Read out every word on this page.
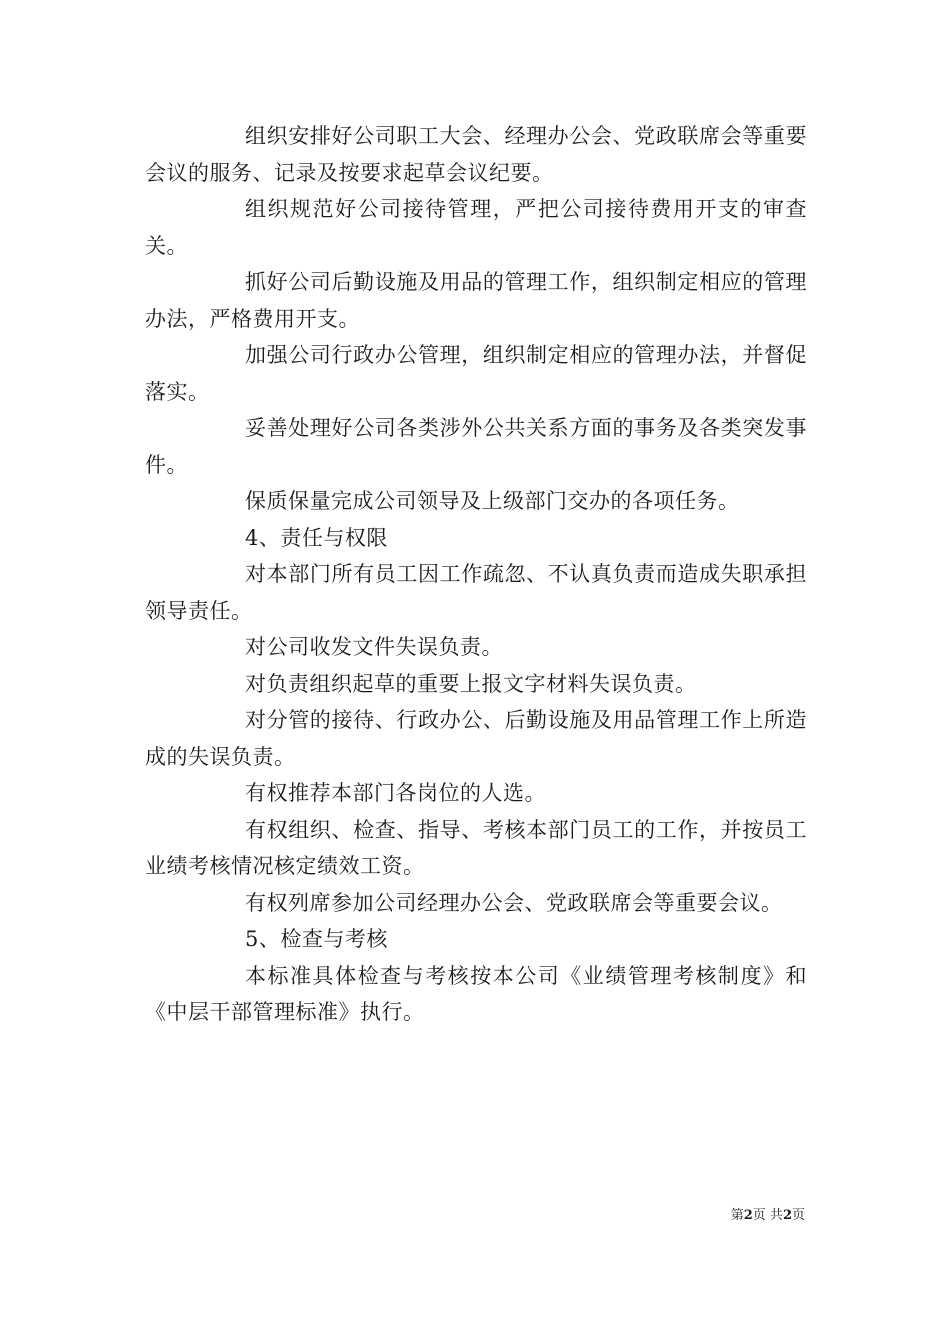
组织安排好公司职工大会、经理办公会、党政联席会等重要会议的服务、记录及按要求起草会议纪要。

组织规范好公司接待管理，严把公司接待费用开支的审查关。

抓好公司后勤设施及用品的管理工作，组织制定相应的管理办法，严格费用开支。

加强公司行政办公管理，组织制定相应的管理办法，并督促落实。

妥善处理好公司各类涉外公共关系方面的事务及各类突发事件。

保质保量完成公司领导及上级部门交办的各项任务。

4、责任与权限

对本部门所有员工因工作疏忽、不认真负责而造成失职承担领导责任。

对公司收发文件失误负责。

对负责组织起草的重要上报文字材料失误负责。

对分管的接待、行政办公、后勤设施及用品管理工作上所造成的失误负责。

有权推荐本部门各岗位的人选。

有权组织、检查、指导、考核本部门员工的工作，并按员工业绩考核情况核定绩效工资。

有权列席参加公司经理办公会、党政联席会等重要会议。

5、检查与考核

本标准具体检查与考核按本公司《业绩管理考核制度》和《中层干部管理标准》执行。

第2页 共2页
